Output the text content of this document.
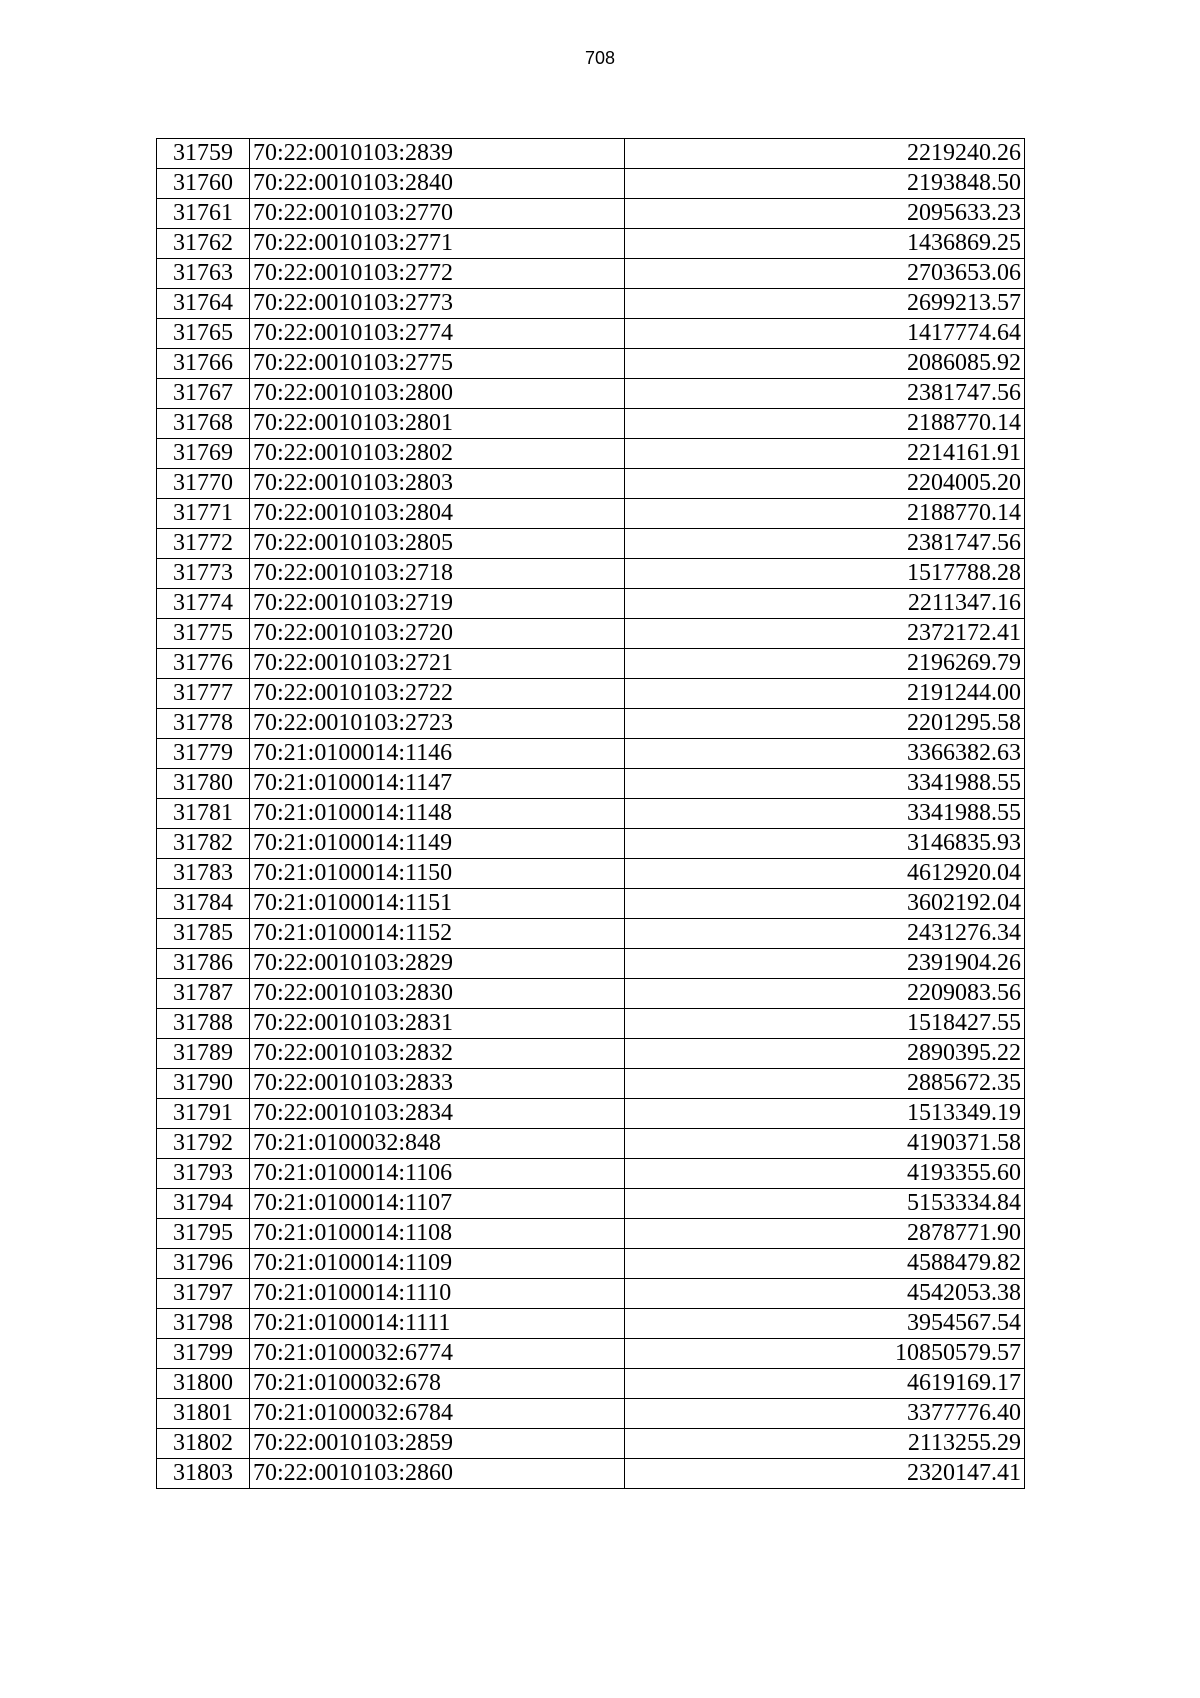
708
31759	70:22:0010103:2839	2219240.26
31760	70:22:0010103:2840	2193848.50
31761	70:22:0010103:2770	2095633.23
31762	70:22:0010103:2771	1436869.25
31763	70:22:0010103:2772	2703653.06
31764	70:22:0010103:2773	2699213.57
31765	70:22:0010103:2774	1417774.64
31766	70:22:0010103:2775	2086085.92
31767	70:22:0010103:2800	2381747.56
31768	70:22:0010103:2801	2188770.14
31769	70:22:0010103:2802	2214161.91
31770	70:22:0010103:2803	2204005.20
31771	70:22:0010103:2804	2188770.14
31772	70:22:0010103:2805	2381747.56
31773	70:22:0010103:2718	1517788.28
31774	70:22:0010103:2719	2211347.16
31775	70:22:0010103:2720	2372172.41
31776	70:22:0010103:2721	2196269.79
31777	70:22:0010103:2722	2191244.00
31778	70:22:0010103:2723	2201295.58
31779	70:21:0100014:1146	3366382.63
31780	70:21:0100014:1147	3341988.55
31781	70:21:0100014:1148	3341988.55
31782	70:21:0100014:1149	3146835.93
31783	70:21:0100014:1150	4612920.04
31784	70:21:0100014:1151	3602192.04
31785	70:21:0100014:1152	2431276.34
31786	70:22:0010103:2829	2391904.26
31787	70:22:0010103:2830	2209083.56
31788	70:22:0010103:2831	1518427.55
31789	70:22:0010103:2832	2890395.22
31790	70:22:0010103:2833	2885672.35
31791	70:22:0010103:2834	1513349.19
31792	70:21:0100032:848	4190371.58
31793	70:21:0100014:1106	4193355.60
31794	70:21:0100014:1107	5153334.84
31795	70:21:0100014:1108	2878771.90
31796	70:21:0100014:1109	4588479.82
31797	70:21:0100014:1110	4542053.38
31798	70:21:0100014:1111	3954567.54
31799	70:21:0100032:6774	10850579.57
31800	70:21:0100032:678	4619169.17
31801	70:21:0100032:6784	3377776.40
31802	70:22:0010103:2859	2113255.29
31803	70:22:0010103:2860	2320147.41
